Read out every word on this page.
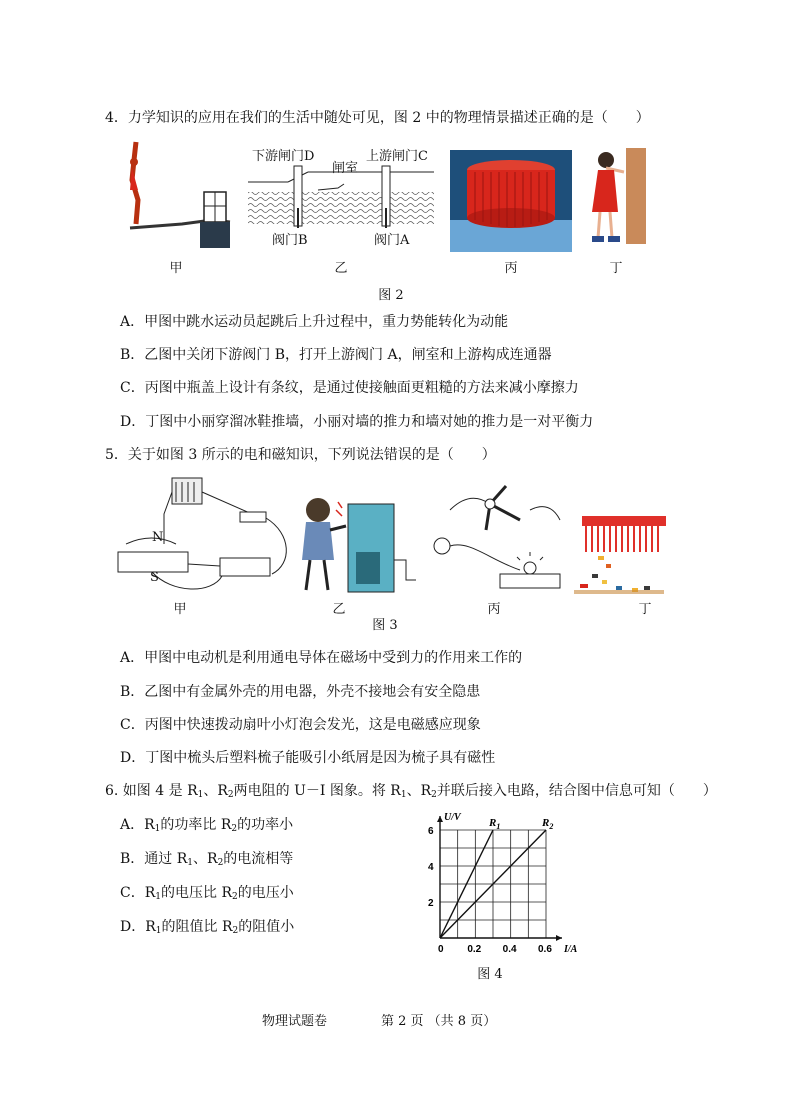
4．力学知识的应用在我们的生活中随处可见，图 2 中的物理情景描述正确的是（　　）
甲
下游闸门D
闸室
上游闸门C
阀门B	阀门A
乙	丙	丁
图 2
A．甲图中跳水运动员起跳后上升过程中，重力势能转化为动能
B．乙图中关闭下游阀门 B，打开上游阀门 A，闸室和上游构成连通器
C．丙图中瓶盖上设计有条纹，是通过使接触面更粗糙的方法来减小摩擦力
D．丁图中小丽穿溜冰鞋推墙，小丽对墙的推力和墙对她的推力是一对平衡力
5．关于如图 3 所示的电和磁知识，下列说法错误的是（　　）
N
S
甲	乙	丙	丁
图 3
A．甲图中电动机是利用通电导体在磁场中受到力的作用来工作的
B．乙图中有金属外壳的用电器，外壳不接地会有安全隐患
C．丙图中快速拨动扇叶小灯泡会发光，这是电磁感应现象
D．丁图中梳头后塑料梳子能吸引小纸屑是因为梳子具有磁性
6. 如图 4 是 $R_1$、$R_2$两电阻的 U－I 图象。将 $R_1$、$R_2$并联后接入电路，结合图中信息可知（　　）
A．$R_1$的功率比 $R_2$的功率小
B．通过 $R_1$、$R_2$的电流相等
C．$R_1$的电压比 $R_2$的电压小
D．$R_1$的阻值比 $R_2$的阻值小
$R_1$	$R_2$
0 0.2 0.4 0.6
2
4
6
I/A
U/V
图 4
物理试题卷	第 2 页 （共 8 页）
